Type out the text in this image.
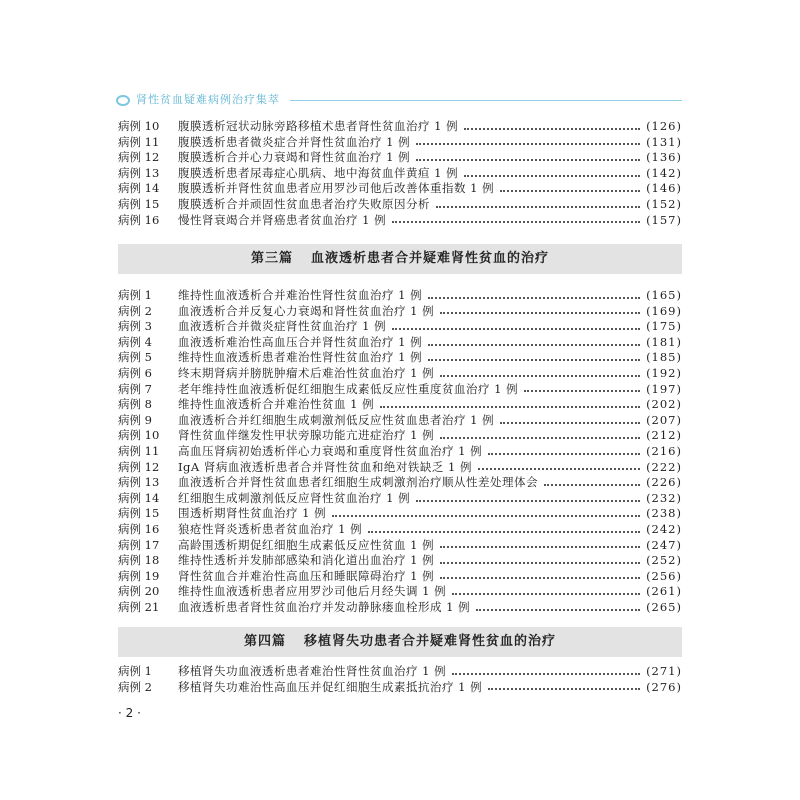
肾性贫血疑难病例治疗集萃
病例 10	腹膜透析冠状动脉旁路移植术患者肾性贫血治疗 1 例	(126)
病例 11	腹膜透析患者微炎症合并肾性贫血治疗 1 例	(131)
病例 12	腹膜透析合并心力衰竭和肾性贫血治疗 1 例	(136)
病例 13	腹膜透析患者尿毒症心肌病、地中海贫血伴黄疸 1 例	(142)
病例 14	腹膜透析并肾性贫血患者应用罗沙司他后改善体重指数 1 例	(146)
病例 15	腹膜透析合并顽固性贫血患者治疗失败原因分析	(152)
病例 16	慢性肾衰竭合并肾癌患者贫血治疗 1 例	(157)
第三篇 血液透析患者合并疑难肾性贫血的治疗
病例 1	维持性血液透析合并难治性肾性贫血治疗 1 例	(165)
病例 2	血液透析合并反复心力衰竭和肾性贫血治疗 1 例	(169)
病例 3	血液透析合并微炎症肾性贫血治疗 1 例	(175)
病例 4	血液透析难治性高血压合并肾性贫血治疗 1 例	(181)
病例 5	维持性血液透析患者难治性肾性贫血治疗 1 例	(185)
病例 6	终末期肾病并膀胱肿瘤术后难治性贫血治疗 1 例	(192)
病例 7	老年维持性血液透析促红细胞生成素低反应性重度贫血治疗 1 例	(197)
病例 8	维持性血液透析合并难治性贫血 1 例	(202)
病例 9	血液透析合并红细胞生成刺激剂低反应性贫血患者治疗 1 例	(207)
病例 10	肾性贫血伴继发性甲状旁腺功能亢进症治疗 1 例	(212)
病例 11	高血压肾病初始透析伴心力衰竭和重度肾性贫血治疗 1 例	(216)
病例 12	IgA 肾病血液透析患者合并肾性贫血和绝对铁缺乏 1 例	(222)
病例 13	血液透析合并肾性贫血患者红细胞生成刺激剂治疗顺从性差处理体会	(226)
病例 14	红细胞生成刺激剂低反应肾性贫血治疗 1 例	(232)
病例 15	围透析期肾性贫血治疗 1 例	(238)
病例 16	狼疮性肾炎透析患者贫血治疗 1 例	(242)
病例 17	高龄围透析期促红细胞生成素低反应性贫血 1 例	(247)
病例 18	维持性透析并发肺部感染和消化道出血治疗 1 例	(252)
病例 19	肾性贫血合并难治性高血压和睡眠障碍治疗 1 例	(256)
病例 20	维持性血液透析患者应用罗沙司他后月经失调 1 例	(261)
病例 21	血液透析患者肾性贫血治疗并发动静脉瘘血栓形成 1 例	(265)
第四篇 移植肾失功患者合并疑难肾性贫血的治疗
病例 1	移植肾失功血液透析患者难治性肾性贫血治疗 1 例	(271)
病例 2	移植肾失功难治性高血压并促红细胞生成素抵抗治疗 1 例	(276)
· 2 ·
